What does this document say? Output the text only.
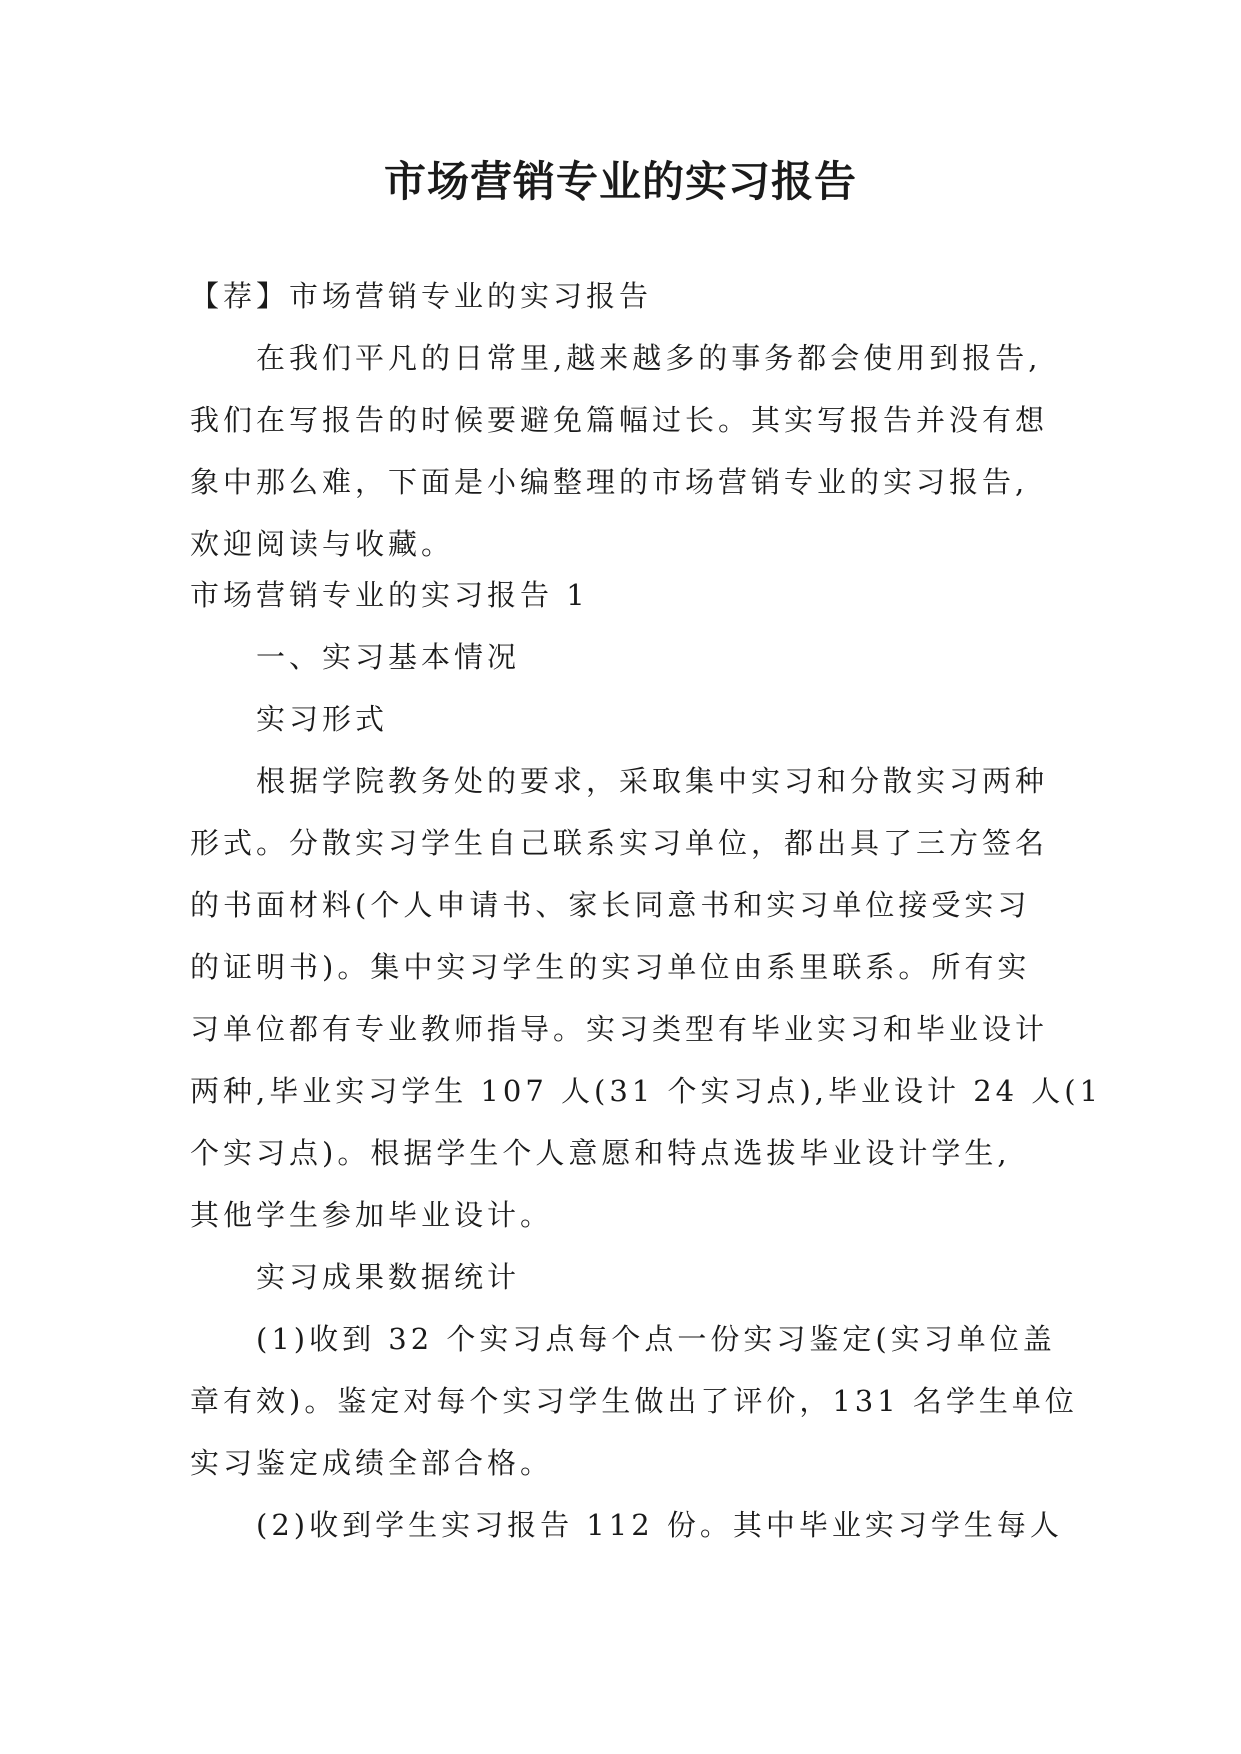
市场营销专业的实习报告
【荐】市场营销专业的实习报告
在我们平凡的日常里,越来越多的事务都会使用到报告,
我们在写报告的时候要避免篇幅过长。其实写报告并没有想
象中那么难，下面是小编整理的市场营销专业的实习报告,
欢迎阅读与收藏。
市场营销专业的实习报告 1
一、实习基本情况
实习形式
根据学院教务处的要求，采取集中实习和分散实习两种
形式。分散实习学生自己联系实习单位，都出具了三方签名
的书面材料(个人申请书、家长同意书和实习单位接受实习
的证明书)。集中实习学生的实习单位由系里联系。所有实
习单位都有专业教师指导。实习类型有毕业实习和毕业设计
两种,毕业实习学生 107 人(31 个实习点),毕业设计 24 人(1
个实习点)。根据学生个人意愿和特点选拔毕业设计学生,
其他学生参加毕业设计。
实习成果数据统计
(1)收到 32 个实习点每个点一份实习鉴定(实习单位盖
章有效)。鉴定对每个实习学生做出了评价，131 名学生单位
实习鉴定成绩全部合格。
(2)收到学生实习报告 112 份。其中毕业实习学生每人
